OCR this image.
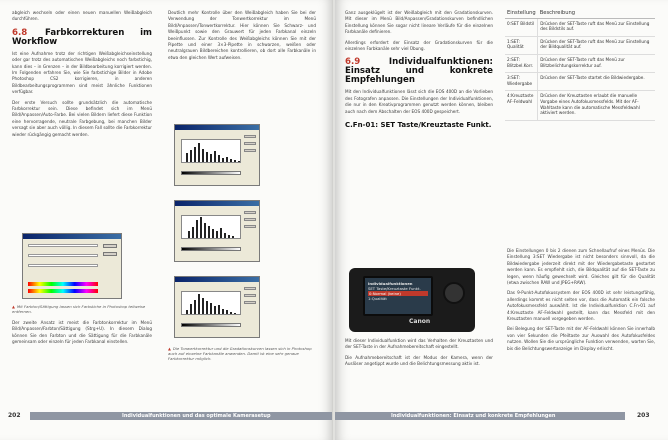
abgleich wechseln oder einen neuen manuellen Weißabgleich durchführen.

6.8 Farbkorrekturen im Workflow

Ist eine Aufnahme trotz der richtigen Weißabgleichseinstellung oder gar trotz des automatischen Weißabgleichs noch farbstichig, kann dies – in Grenzen – in der Bildbearbeitung korrigiert werden. Im Folgenden erfahren Sie, wie Sie farbstichige Bilder in Adobe Photoshop CS2 korrigieren, in anderen Bildbearbeitungsprogrammen sind meist ähnliche Funktionen verfügbar.

Der erste Versuch sollte grundsätzlich die automatische Farbkorrektur sein. Diese befindet sich im Menü Bild/Anpassen/Auto-Farbe. Bei vielen Bildern liefert diese Funktion eine hervorragende, neutrale Farbgebung, bei manchen Bilder versagt sie aber auch völlig. In diesem Fall sollte die Farbkorrektur wieder rückgängig gemacht werden.

▲ Mit Farbton/Sättigung lassen sich Farbstiche in Photoshop teilweise entfernen.

Der zweite Ansatz ist meist die Farbtonkorrektur im Menü Bild/Anpassen/Farbton/Sättigung (Strg+U). In diesem Dialog können Sie den Farbton und die Sättigung für die Farbkanäle gemeinsam oder einzeln für jeden Farbkanal einstellen.

Deutlich mehr Kontrolle über den Weißabgleich haben Sie bei der Verwendung der Tonwertkorrektur im Menü Bild/Anpassen/Tonwertkorrektur. Hier können Sie Schwarz- und Weißpunkt sowie den Grauwert für jeden Farbkanal einzeln beeinflussen. Zur Kontrolle des Weißabgleichs können Sie mit der Pipette und einer 3×3-Pipette in schwarzen, weißen oder neutralgrauen Bildbereichen kontrollieren, ob dort alle Farbkanäle in etwa den gleichen Wert aufweisen.

▲ Die Tonwertkorrektur und die Gradationskurven lassen sich in Photoshop auch auf einzelne Farbkanäle anwenden. Damit ist eine sehr genaue Farbkorrektur möglich.
202	Individualfunktionen und das optimale Kamerasetup

Ganz ausgeklügelt ist der Weißabgleich mit den Gradationskurven. Mit dieser im Menü Bild/Anpassen/Gradationskurven befindlichen Einstellung können Sie sogar nicht lineare Verläufe für die einzelnen Farbkanäle definieren.

Allerdings erfordert der Einsatz der Gradationskurven für die einzelnen Farbkanäle sehr viel Übung.

6.9	Individualfunktionen: Einsatz und konkrete Empfehlungen

Mit den Individualfunktionen lässt sich die EOS 400D an die Vorlieben des Fotografen anpassen. Die Einstellungen der Individualfunktionen, die nur in den Kreativprogrammen genutzt werden können, bleiben auch nach dem Abschalten der EOS 400D gespeichert.

C.Fn-01: SET Taste/Kreuztaste Funkt.
Individualfunktionen
SET Taste/Kreuztaste Funkt.
0:Normal (keine)
1:Qualität
Canon

Mit dieser Individualfunktion wird das Verhalten der Kreuztasten und der SET-Taste in der Aufnahmebereitschaft eingestellt.

Die Aufnahmebereitschaft ist der Modus der Kamera, wenn der Auslöser angetippt wurde und die Belichtungsmessung aktiv ist.

Einstellung	Beschreibung
0:SET Bildstil	Drücken der SET-Taste ruft das Menü zur Einstellung des Bildstils auf.
1:SET: Qualität	Drücken der SET-Taste ruft das Menü zur Einstellung der Bildqualität auf.
2:SET: Blitzbel.Korr.	Drücken der SET-Taste ruft das Menü zur Blitzbelichtungskorrektur auf.
3:SET: Wiedergabe	Drücken der SET-Taste startet die Bildwiedergabe.
4:Kreuztaste AF-Feldwahl	Drücken der Kreuztasten erlaubt die manuelle Vorgabe eines Autofokusmessfelds. Mit der AF-Wahltaste kann die automatische Messfeldwahl aktiviert werden.

Die Einstellungen 0 bis 2 dienen zum Schnellaufruf eines Menüs. Die Einstellung 3:SET Wiedergabe ist nicht besonders sinnvoll, da die Bildwiedergabe jederzeit direkt mit der Wiedergabetaste gestartet werden kann. Es empfiehlt sich, die Bildqualität auf die SET-Taste zu legen, wenn häufig gewechselt wird. Gleiches gilt für die Qualität (etwa zwischen RAW und JPEG+RAW).

Das 9-Punkt-Autofokussystem der EOS 400D ist sehr leistungsfähig, allerdings kommt es nicht selten vor, dass die Automatik ein falsche Autofokusmessfeld auswählt. Ist die Individualfunktion C.Fn-01 auf 4:Kreuztaste AF-Feldwahl gestellt, kann das Messfeld mit den Kreuztasten manuell vorgegeben werden.

Bei Belegung der SET-Taste mit der AF-Feldwahl können Sie innerhalb von vier Sekunden die Pfeiltaste zur Auswahl des Autofokusfeldes nutzen. Wollen Sie die ursprüngliche Funktion verwenden, warten Sie, bis die Belichtungswertanzeige im Display erlischt.

Individualfunktionen: Einsatz und konkrete Empfehlungen	203
